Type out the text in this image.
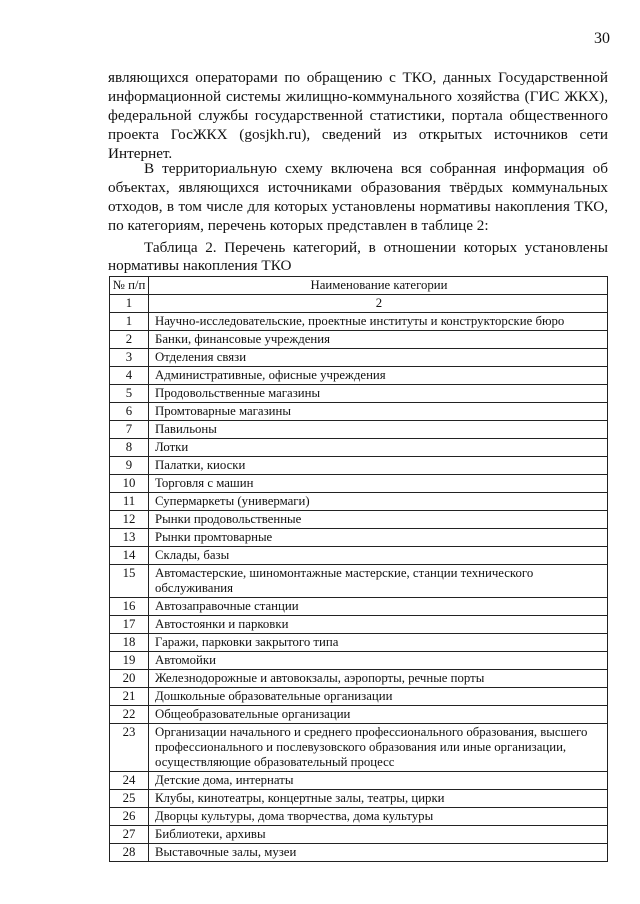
30

являющихся операторами по обращению с ТКО, данных Государственной информационной системы жилищно-коммунального хозяйства (ГИС ЖКХ), федеральной службы государственной статистики, портала общественного проекта ГосЖКХ (gosjkh.ru), сведений из открытых источников сети Интернет.

В территориальную схему включена вся собранная информация об объектах, являющихся источниками образования твёрдых коммунальных отходов, в том числе для которых установлены нормативы накопления ТКО, по категориям, перечень которых представлен в таблице 2:

Таблица 2. Перечень категорий, в отношении которых установлены нормативы накопления ТКО
№ п/п	Наименование категории
1	2
1	Научно-исследовательские, проектные институты и конструкторские бюро
2	Банки, финансовые учреждения
3	Отделения связи
4	Административные, офисные учреждения
5	Продовольственные магазины
6	Промтоварные магазины
7	Павильоны
8	Лотки
9	Палатки, киоски
10	Торговля с машин
11	Супермаркеты (универмаги)
12	Рынки продовольственные
13	Рынки промтоварные
14	Склады, базы
15	Автомастерские, шиномонтажные мастерские, станции технического обслуживания
16	Автозаправочные станции
17	Автостоянки и парковки
18	Гаражи, парковки закрытого типа
19	Автомойки
20	Железнодорожные и автовокзалы, аэропорты, речные порты
21	Дошкольные образовательные организации
22	Общеобразовательные организации
23	Организации начального и среднего профессионального образования, высшего профессионального и послевузовского образования или иные организации, осуществляющие образовательный процесс
24	Детские дома, интернаты
25	Клубы, кинотеатры, концертные залы, театры, цирки
26	Дворцы культуры, дома творчества, дома культуры
27	Библиотеки, архивы
28	Выставочные залы, музеи
